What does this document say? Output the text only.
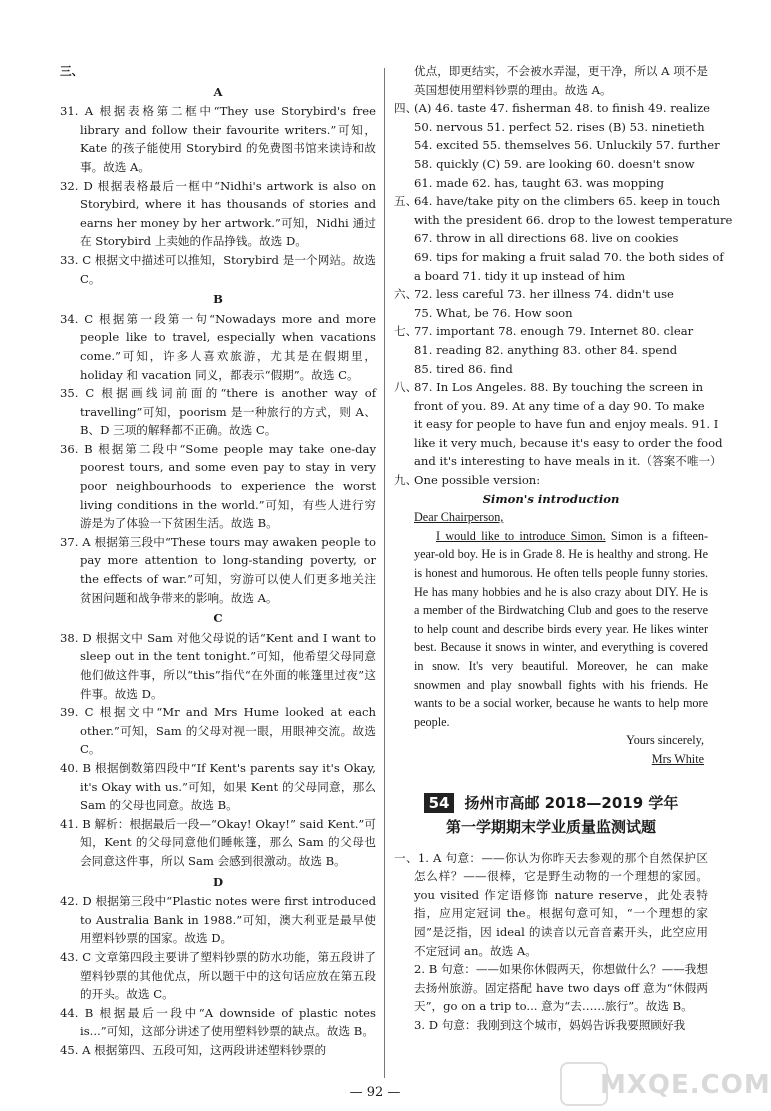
三、
A
31. A 根据表格第二框中“They use Storybird's free library and follow their favourite writers.”可知，Kate 的孩子能使用 Storybird 的免费图书馆来读诗和故事。故选 A。
32. D 根据表格最后一框中“Nidhi's artwork is also on Storybird, where it has thousands of stories and earns her money by her artwork.”可知，Nidhi 通过在 Storybird 上卖她的作品挣钱。故选 D。
33. C 根据文中描述可以推知，Storybird 是一个网站。故选 C。
B
34. C 根据第一段第一句“Nowadays more and more people like to travel, especially when vacations come.”可知，许多人喜欢旅游，尤其是在假期里，holiday 和 vacation 同义，都表示“假期”。故选 C。
35. C 根据画线词前面的“there is another way of travelling”可知，poorism 是一种旅行的方式，则 A、B、D 三项的解释都不正确。故选 C。
36. B 根据第二段中“Some people may take one-day poorest tours, and some even pay to stay in very poor neighbourhoods to experience the worst living conditions in the world.”可知，有些人进行穷游是为了体验一下贫困生活。故选 B。
37. A 根据第三段中“These tours may awaken people to pay more attention to long-standing poverty, or the effects of war.”可知，穷游可以使人们更多地关注贫困问题和战争带来的影响。故选 A。
C
38. D 根据文中 Sam 对他父母说的话“Kent and I want to sleep out in the tent tonight.”可知，他希望父母同意他们做这件事，所以“this”指代“在外面的帐篷里过夜”这件事。故选 D。
39. C 根据文中“Mr and Mrs Hume looked at each other.”可知，Sam 的父母对视一眼，用眼神交流。故选 C。
40. B 根据倒数第四段中“If Kent's parents say it's Okay, it's Okay with us.”可知，如果 Kent 的父母同意，那么 Sam 的父母也同意。故选 B。
41. B 解析：根据最后一段—“Okay! Okay!” said Kent.”可知，Kent 的父母同意他们睡帐篷，那么 Sam 的父母也会同意这件事，所以 Sam 会感到很激动。故选 B。
D
42. D 根据第三段中“Plastic notes were first introduced to Australia Bank in 1988.”可知，澳大利亚是最早使用塑料钞票的国家。故选 D。
43. C 文章第四段主要讲了塑料钞票的防水功能，第五段讲了塑料钞票的其他优点，所以题干中的这句话应放在第五段的开头。故选 C。
44. B 根据最后一段中“A downside of plastic notes is...”可知，这部分讲述了使用塑料钞票的缺点。故选 B。
45. A 根据第四、五段可知，这两段讲述塑料钞票的
优点，即更结实，不会被水弄湿，更干净，所以 A 项不是英国想使用塑料钞票的理由。故选 A。
四、(A) 46. taste 47. fisherman 48. to finish 49. realize
50. nervous 51. perfect 52. rises (B) 53. ninetieth
54. excited 55. themselves 56. Unluckily 57. further
58. quickly (C) 59. are looking 60. doesn't snow
61. made 62. has, taught 63. was mopping
五、64. have/take pity on the climbers 65. keep in touch
with the president 66. drop to the lowest temperature
67. throw in all directions 68. live on cookies
69. tips for making a fruit salad 70. the both sides of
a board 71. tidy it up instead of him
六、72. less careful 73. her illness 74. didn't use
75. What, be 76. How soon
七、77. important 78. enough 79. Internet 80. clear
81. reading 82. anything 83. other 84. spend
85. tired 86. find
八、87. In Los Angeles. 88. By touching the screen in
front of you. 89. At any time of a day 90. To make
it easy for people to have fun and enjoy meals. 91. I
like it very much, because it's easy to order the food
and it's interesting to have meals in it.（答案不唯一）
九、One possible version:
Simon's introduction
Dear Chairperson,
I would like to introduce Simon. Simon is a fifteen-year-old boy. He is in Grade 8. He is healthy and strong. He is honest and humorous. He often tells people funny stories. He has many hobbies and he is also crazy about DIY. He is a member of the Birdwatching Club and goes to the reserve to help count and describe birds every year. He likes winter best. Because it snows in winter, and everything is covered in snow. It's very beautiful. Moreover, he can make snowmen and play snowball fights with his friends. He wants to be a social worker, because he wants to help more people.
Yours sincerely,
Mrs White
54 扬州市高邮 2018—2019 学年
第一学期期末学业质量监测试题
一、1. A 句意：——你认为你昨天去参观的那个自然保护区怎么样？——很棒，它是野生动物的一个理想的家园。you visited 作定语修饰 nature reserve，此处表特指，应用定冠词 the。根据句意可知，“一个理想的家园”是泛指，因 ideal 的读音以元音音素开头，此空应用不定冠词 an。故选 A。
2. B 句意：——如果你休假两天，你想做什么？——我想去扬州旅游。固定搭配 have two days off 意为“休假两天”，go on a trip to... 意为“去……旅行”。故选 B。
3. D 句意：我刚到这个城市，妈妈告诉我要照顾好我
— 92 —	MXQE.COM
